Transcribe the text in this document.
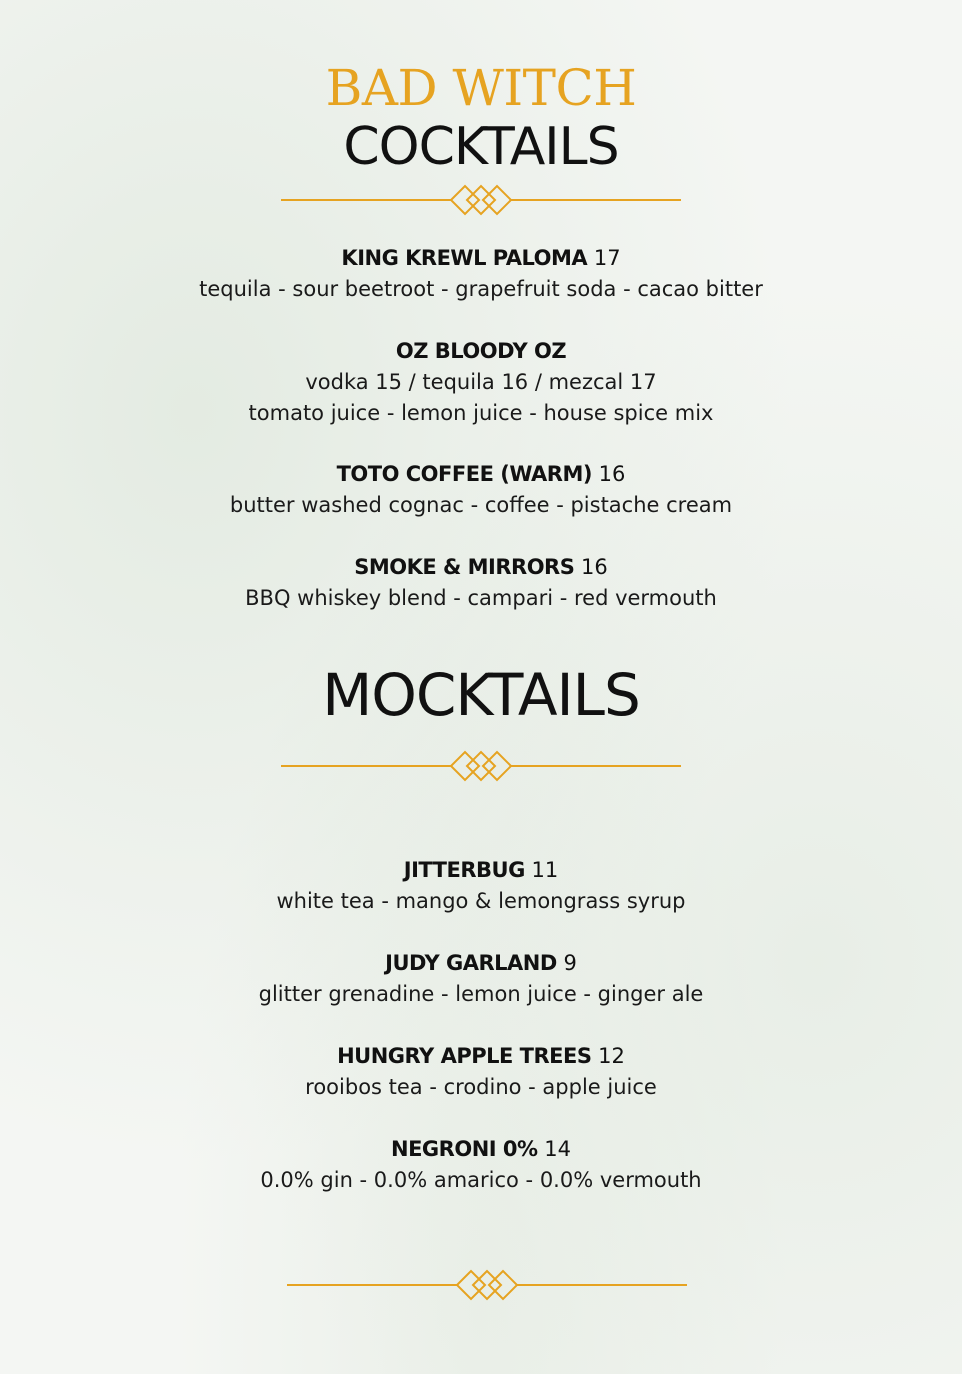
BAD WITCH
COCKTAILS
KING KREWL PALOMA 17
tequila - sour beetroot - grapefruit soda - cacao bitter
OZ BLOODY OZ
vodka 15 / tequila 16 / mezcal 17
tomato juice - lemon juice - house spice mix
TOTO COFFEE (WARM) 16
butter washed cognac - coffee - pistache cream
SMOKE & MIRRORS 16
BBQ whiskey blend - campari - red vermouth
MOCKTAILS
JITTERBUG 11
white tea - mango & lemongrass syrup
JUDY GARLAND 9
glitter grenadine - lemon juice - ginger ale
HUNGRY APPLE TREES 12
rooibos tea - crodino - apple juice
NEGRONI 0% 14
0.0% gin - 0.0% amarico - 0.0% vermouth
